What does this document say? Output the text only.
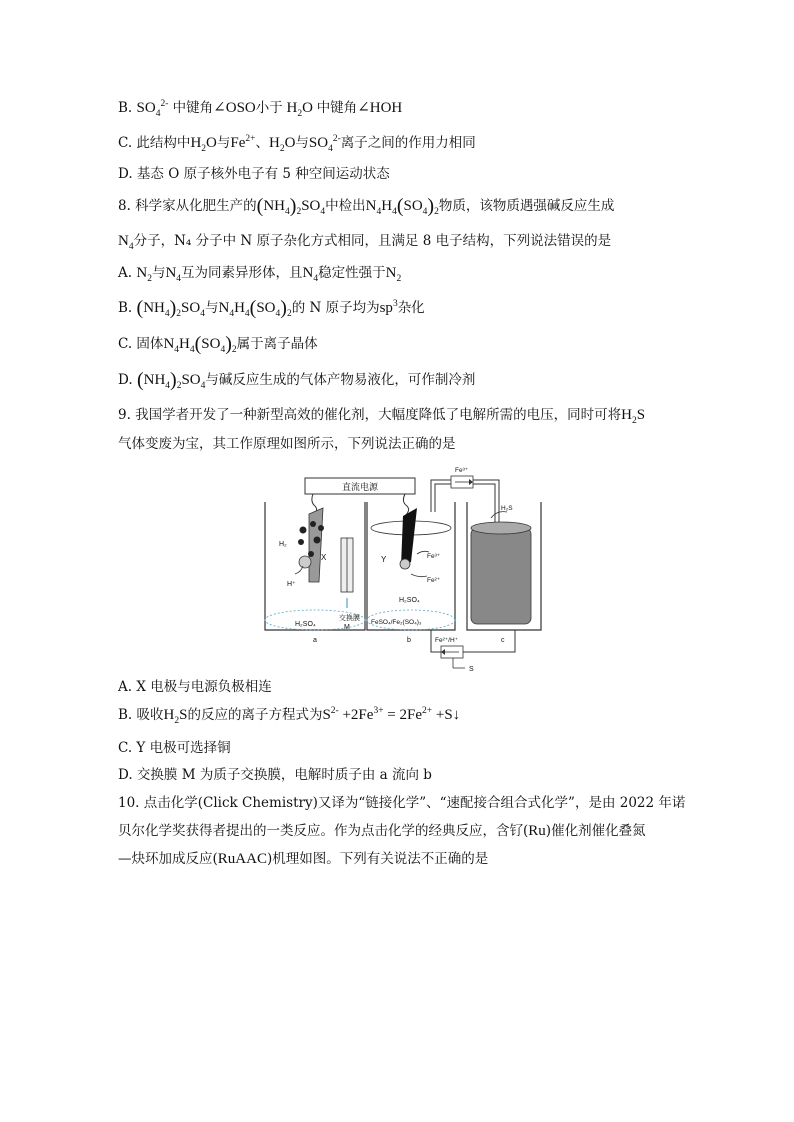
B. $SO_4^{2-}$ 中键角∠OSO小于 $H_2O$ 中键角∠HOH
C. 此结构中$H_2O$与$Fe^{2+}$、$H_2O$与$SO_4^{2-}$离子之间的作用力相同
D. 基态 O 原子核外电子有 5 种空间运动状态
8. 科学家从化肥生产的$(NH_4)_2SO_4$中检出$N_4H_4(SO_4)_2$物质，该物质遇强碱反应生成
$N_4$分子，N₄ 分子中 N 原子杂化方式相同，且满足 8 电子结构，下列说法错误的是
A. $N_2$与$N_4$互为同素异形体，且$N_4$稳定性强于$N_2$
B. $(NH_4)_2SO_4$与$N_4H_4(SO_4)_2$的 N 原子均为$sp^3$杂化
C. 固体$N_4H_4(SO_4)_2$属于离子晶体
D. $(NH_4)_2SO_4$与碱反应生成的气体产物易液化，可作制冷剂
9. 我国学者开发了一种新型高效的催化剂，大幅度降低了电解所需的电压，同时可将$H_2S$
气体变废为宝，其工作原理如图所示，下列说法正确的是
直流电源
H₂SO₄
H₂
X
H⁺
交换膜
M
Y	Fe³⁺
Fe²⁺
H₂SO₄
FeSO₄/Fe₂(SO₄)₃
Fe³⁺
H₂S
Fe²⁺/H⁺
S
a	b	c
A. X 电极与电源负极相连
B. 吸收$H_2S$的反应的离子方程式为$S^{2-} +2Fe^{3+} = 2Fe^{2+}$ +S↓
C. Y 电极可选择铜
D. 交换膜 M 为质子交换膜，电解时质子由 a 流向 b
10. 点击化学(Click Chemistry)又译为“链接化学”、“速配接合组合式化学”，是由 2022 年诺
贝尔化学奖获得者提出的一类反应。作为点击化学的经典反应，含钌(Ru)催化剂催化叠氮
—炔环加成反应(RuAAC)机理如图。下列有关说法不正确的是
